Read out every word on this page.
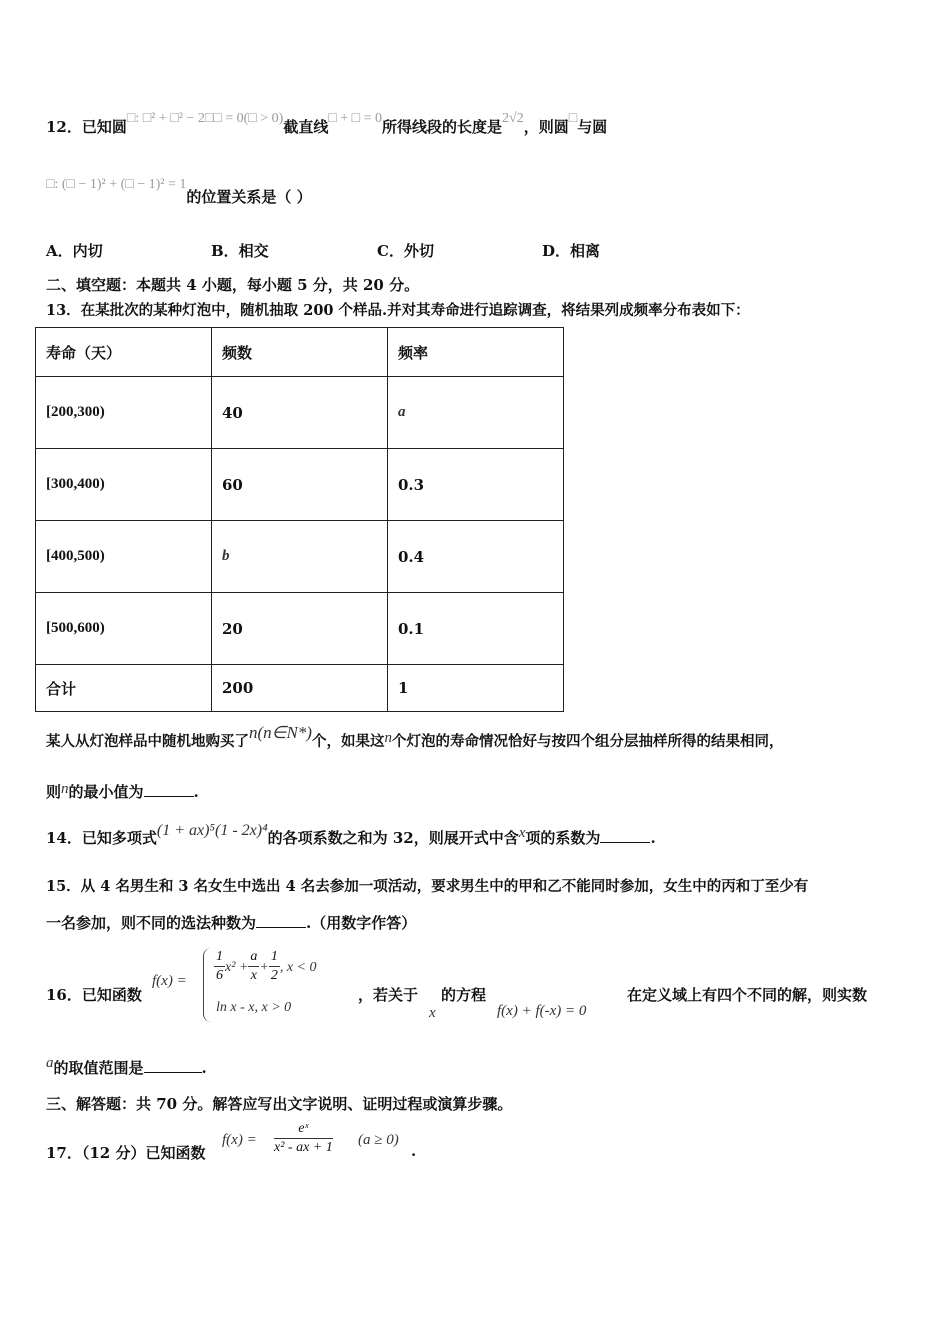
12．已知圆□: □² + □² − 2□□ = 0(□ > 0)截直线□ + □ = 0所得线段的长度是2√2，则圆□与圆
□: (□ − 1)² + (□ − 1)² = 1的位置关系是（ ）
A．内切	B．相交	C．外切	D．相离
二、填空题：本题共 4 小题，每小题 5 分，共 20 分。
13．在某批次的某种灯泡中，随机抽取 200 个样品.并对其寿命进行追踪调查，将结果列成频率分布表如下：
寿命（天）	频数	频率
[200,300)	40	a
[300,400)	60	0.3
[400,500)	b	0.4
[500,600)	20	0.1
合计	200	1
某人从灯泡样品中随机地购买了n(n∈N*)个，如果这n个灯泡的寿命情况恰好与按四个组分层抽样所得的结果相同，
则n的最小值为	.
14．已知多项式(1 + ax)⁵(1 - 2x)⁴的各项系数之和为 32，则展开式中含x项的系数为	.
15．从 4 名男生和 3 名女生中选出 4 名去参加一项活动，要求男生中的甲和乙不能同时参加，女生中的丙和丁至少有
一名参加，则不同的选法种数为	.（用数字作答）
16．已知函数
$f(x) = \frac{1}{6} x^2 + \frac{a}{x} + \frac{1}{2}$ , x < 0
ln x - x, x > 0
，若关于
x
的方程
f(x) + f(-x) = 0
在定义域上有四个不同的解，则实数
a的取值范围是	.
三、解答题：共 70 分。解答应写出文字说明、证明过程或演算步骤。
17．（12 分）已知函数
$f(x) = \frac{\text{eˣ}}{\text{x² - ax + 1}} (a \ge 0)$
.
